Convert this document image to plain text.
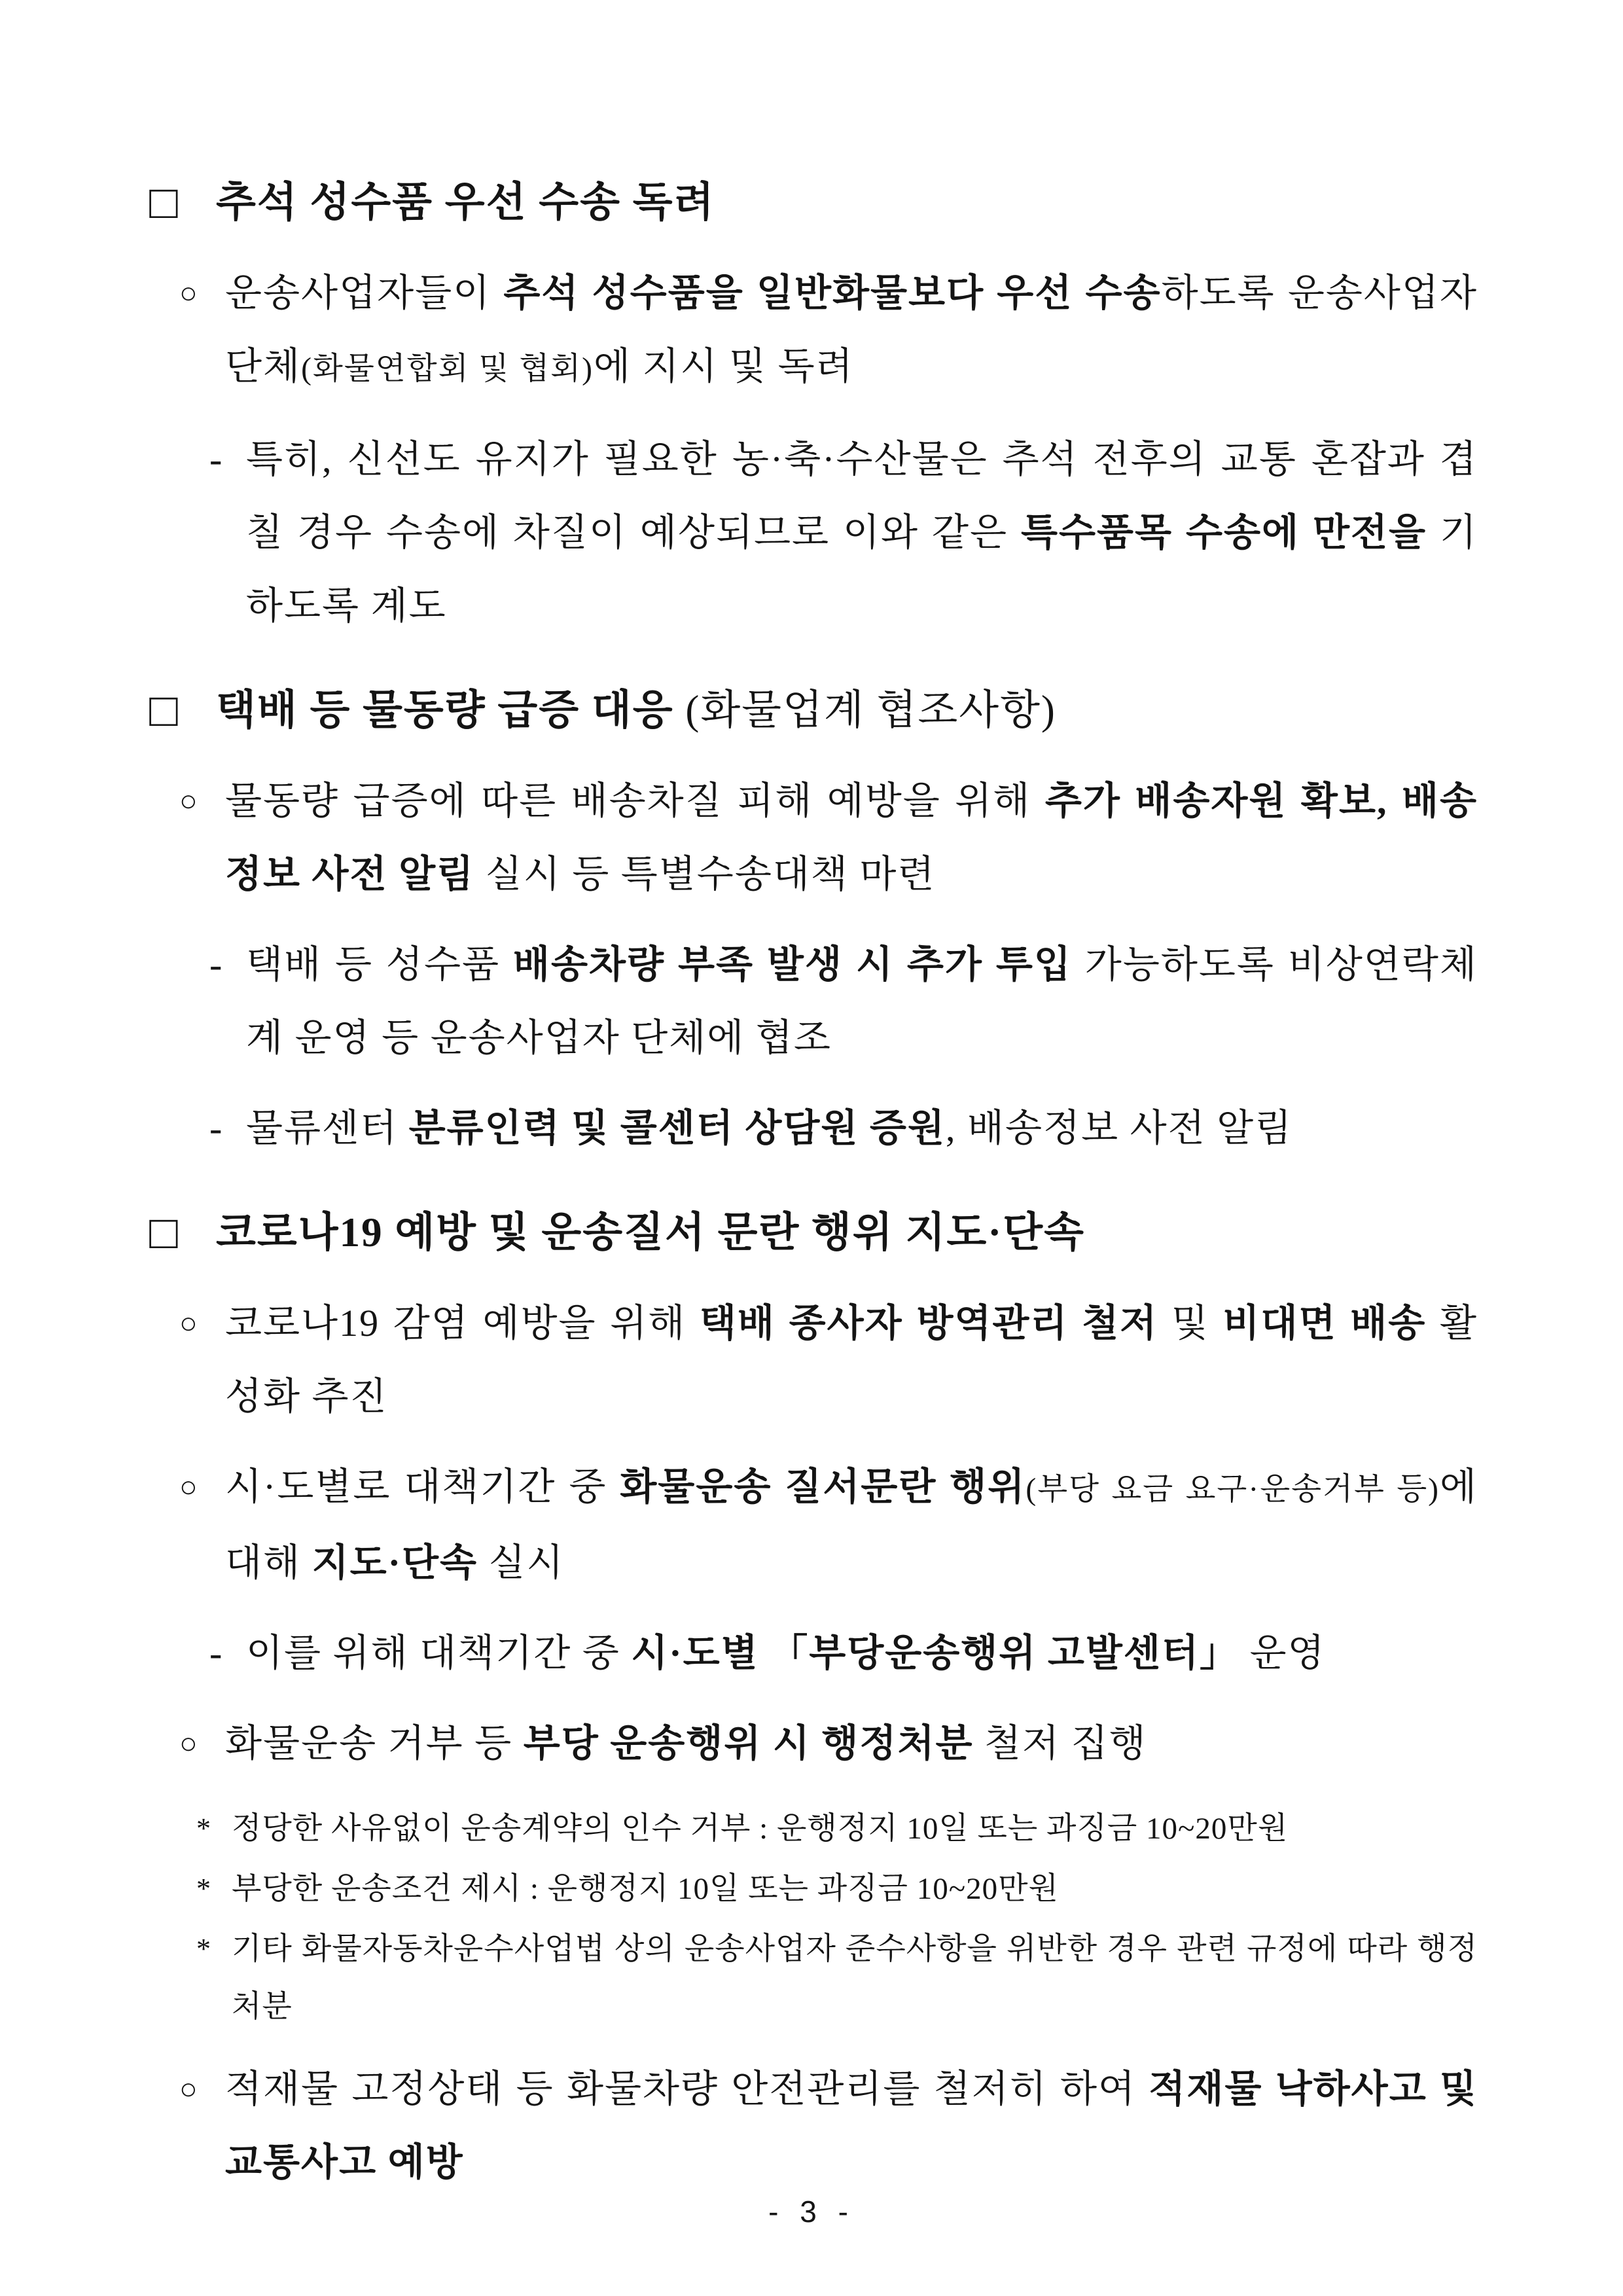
□ 추석 성수품 우선 수송 독려
○ 운송사업자들이 추석 성수품을 일반화물보다 우선 수송하도록 운송사업자 단체(화물연합회 및 협회)에 지시 및 독려
- 특히, 신선도 유지가 필요한 농·축·수산물은 추석 전후의 교통 혼잡과 겹칠 경우 수송에 차질이 예상되므로 이와 같은 특수품목 수송에 만전을 기하도록 계도
□ 택배 등 물동량 급증 대응 (화물업계 협조사항)
○ 물동량 급증에 따른 배송차질 피해 예방을 위해 추가 배송자원 확보, 배송정보 사전 알림 실시 등 특별수송대책 마련
- 택배 등 성수품 배송차량 부족 발생 시 추가 투입 가능하도록 비상연락체계 운영 등 운송사업자 단체에 협조
- 물류센터 분류인력 및 콜센터 상담원 증원, 배송정보 사전 알림
□ 코로나19 예방 및 운송질서 문란 행위 지도·단속
○ 코로나19 감염 예방을 위해 택배 종사자 방역관리 철저 및 비대면 배송 활성화 추진
○ 시·도별로 대책기간 중 화물운송 질서문란 행위(부당 요금 요구·운송거부 등)에 대해 지도·단속 실시
- 이를 위해 대책기간 중 시·도별 「부당운송행위 고발센터」 운영
○ 화물운송 거부 등 부당 운송행위 시 행정처분 철저 집행
* 정당한 사유없이 운송계약의 인수 거부 : 운행정지 10일 또는 과징금 10~20만원
* 부당한 운송조건 제시 : 운행정지 10일 또는 과징금 10~20만원
* 기타 화물자동차운수사업법 상의 운송사업자 준수사항을 위반한 경우 관련 규정에 따라 행정처분
○ 적재물 고정상태 등 화물차량 안전관리를 철저히 하여 적재물 낙하사고 및 교통사고 예방
- 3 -
